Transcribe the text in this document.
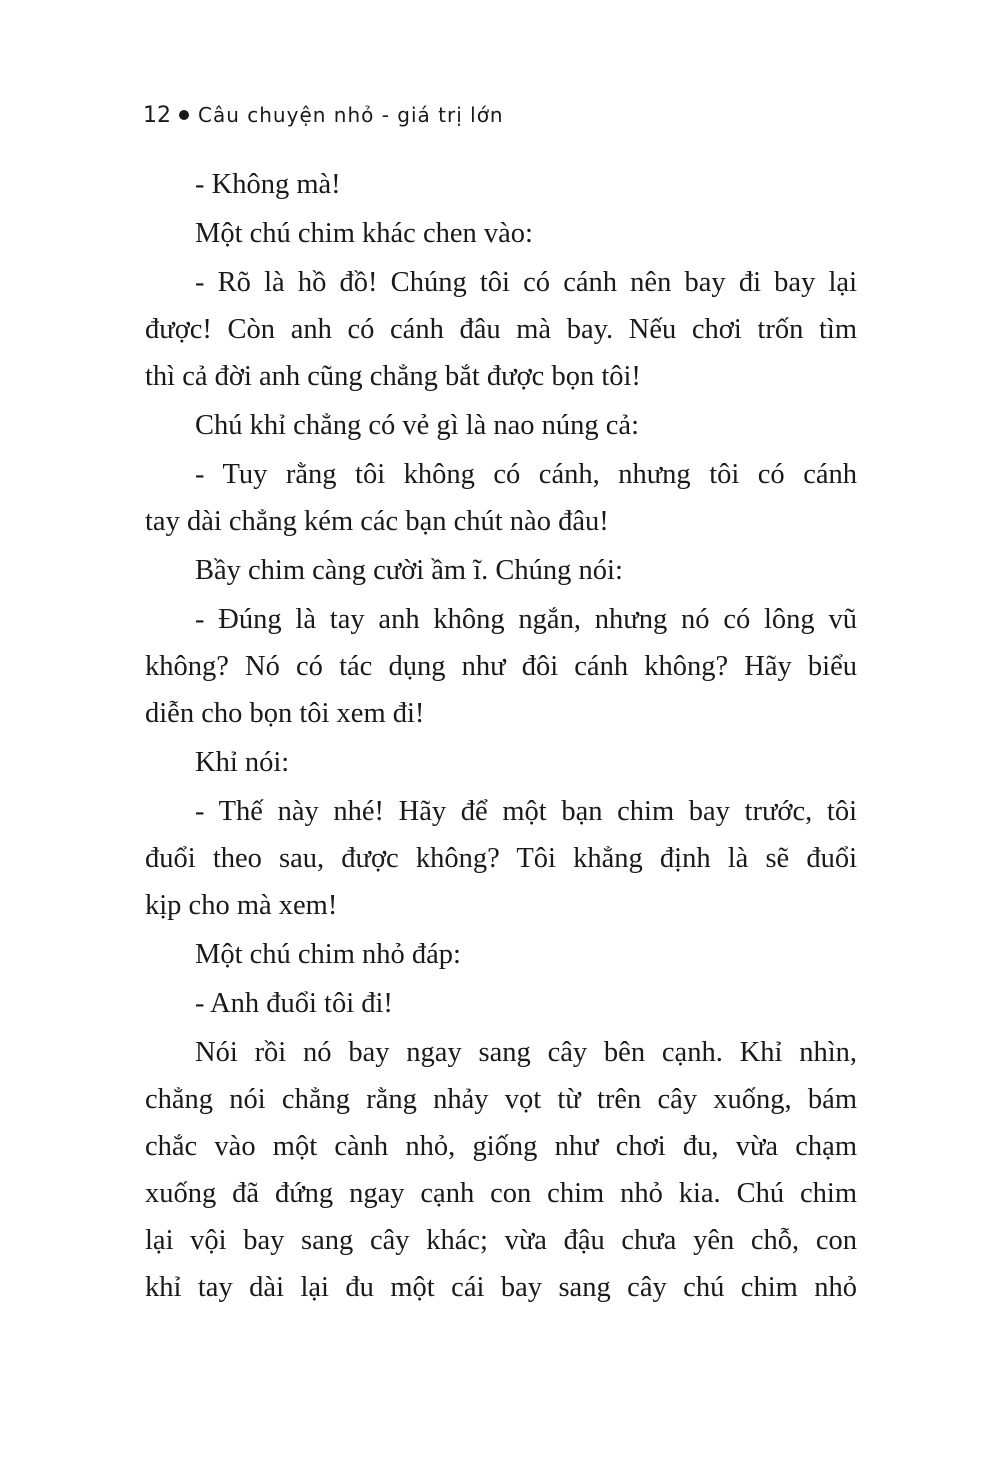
12 Câu chuyện nhỏ - giá trị lớn
- Không mà!
Một chú chim khác chen vào:
- Rõ là hồ đồ! Chúng tôi có cánh nên bay đi bay lại
được! Còn anh có cánh đâu mà bay. Nếu chơi trốn tìm
thì cả đời anh cũng chẳng bắt được bọn tôi!
Chú khỉ chẳng có vẻ gì là nao núng cả:
- Tuy rằng tôi không có cánh, nhưng tôi có cánh
tay dài chẳng kém các bạn chút nào đâu!
Bầy chim càng cười ầm ĩ. Chúng nói:
- Đúng là tay anh không ngắn, nhưng nó có lông vũ
không? Nó có tác dụng như đôi cánh không? Hãy biểu
diễn cho bọn tôi xem đi!
Khỉ nói:
- Thế này nhé! Hãy để một bạn chim bay trước, tôi
đuổi theo sau, được không? Tôi khẳng định là sẽ đuổi
kịp cho mà xem!
Một chú chim nhỏ đáp:
- Anh đuổi tôi đi!
Nói rồi nó bay ngay sang cây bên cạnh. Khỉ nhìn,
chẳng nói chẳng rằng nhảy vọt từ trên cây xuống, bám
chắc vào một cành nhỏ, giống như chơi đu, vừa chạm
xuống đã đứng ngay cạnh con chim nhỏ kia. Chú chim
lại vội bay sang cây khác; vừa đậu chưa yên chỗ, con
khỉ tay dài lại đu một cái bay sang cây chú chim nhỏ
